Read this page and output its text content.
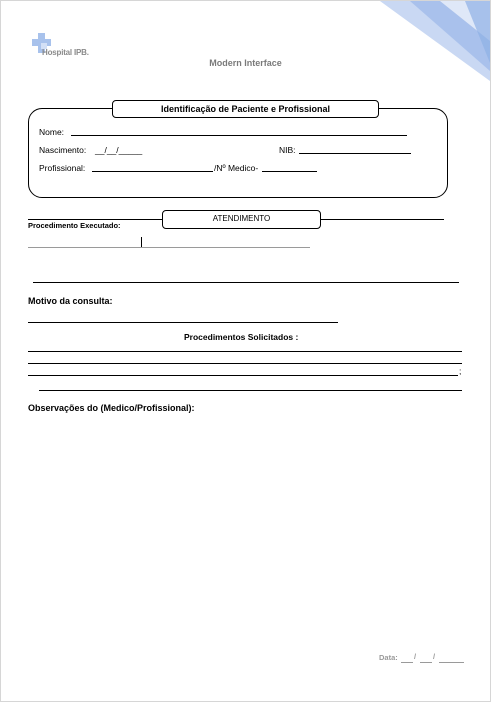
Hospital IPB.
Modern Interface
Identificação de Paciente e Profissional
Nome:
Nascimento: __/__/_____	NIB:
Profissional:	/Nº Medico-
ATENDIMENTO
Procedimento Executado:
Motivo da consulta:
Procedimentos Solicitados :
;
Observações do (Medico/Profissional):
Data: / /
